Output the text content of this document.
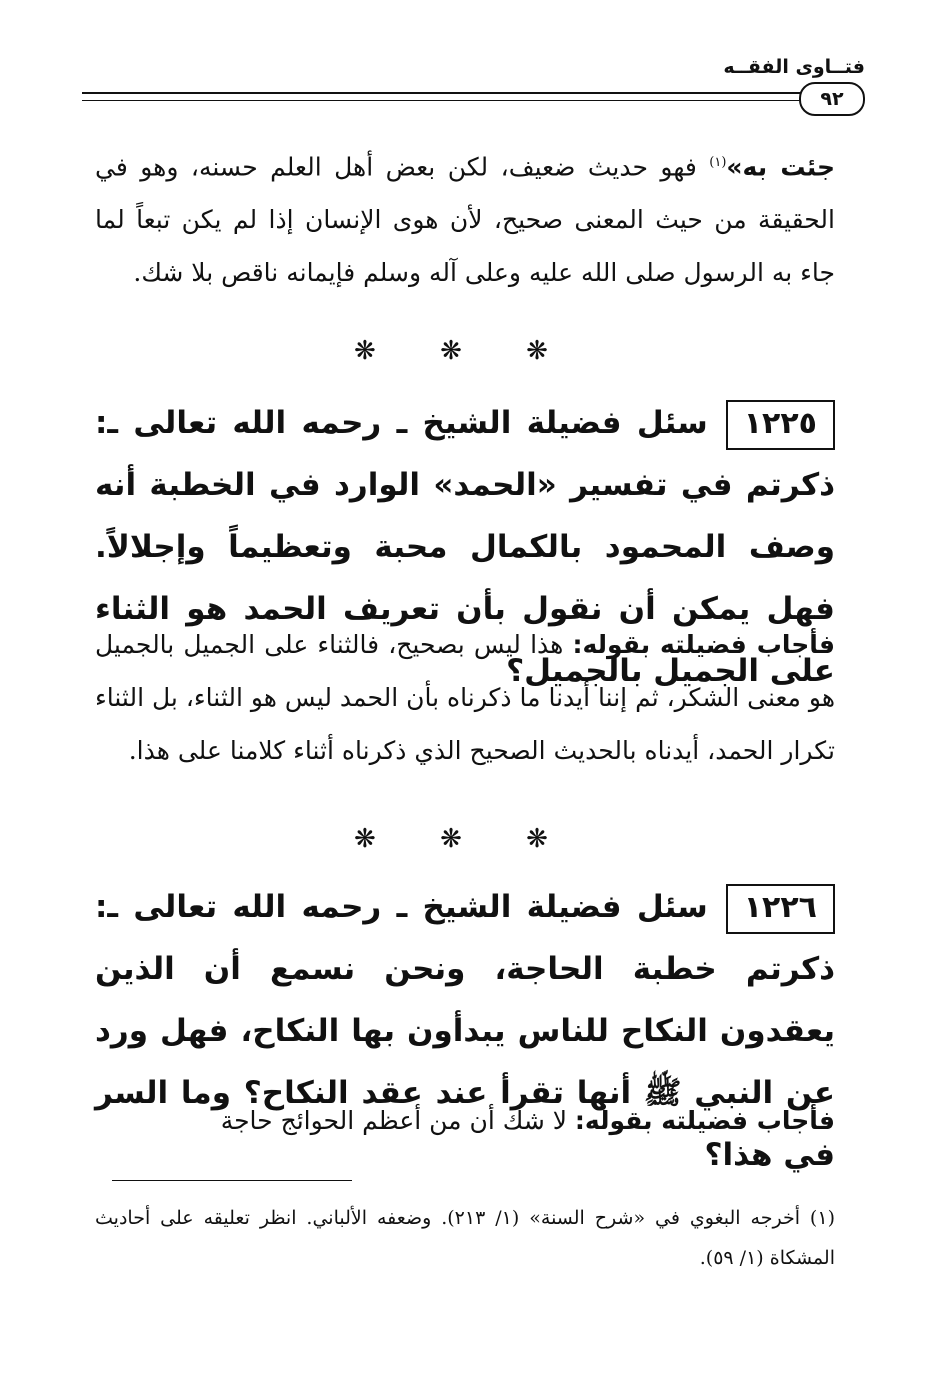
فتــاوى الفقــه
٩٢

جئت به»$^{(١)}$ فهو حديث ضعيف، لكن بعض أهل العلم حسنه، وهو في الحقيقة من حيث المعنى صحيح، لأن هوى الإنسان إذا لم يكن تبعاً لما جاء به الرسول صلى الله عليه وعلى آله وسلم فإيمانه ناقص بلا شك.

❋ ❋ ❋

١٢٢٥سئل فضيلة الشيخ ـ رحمه الله تعالى ـ: ذكرتم في تفسير «الحمد» الوارد في الخطبة أنه وصف المحمود بالكمال محبة وتعظيماً وإجلالاً. فهل يمكن أن نقول بأن تعريف الحمد هو الثناء على الجميل بالجميل؟

فأجاب فضيلته بقوله: هذا ليس بصحيح، فالثناء على الجميل بالجميل هو معنى الشكر، ثم إننا أيدنا ما ذكرناه بأن الحمد ليس هو الثناء، بل الثناء تكرار الحمد، أيدناه بالحديث الصحيح الذي ذكرناه أثناء كلامنا على هذا.

❋ ❋ ❋

١٢٢٦سئل فضيلة الشيخ ـ رحمه الله تعالى ـ: ذكرتم خطبة الحاجة، ونحن نسمع أن الذين يعقدون النكاح للناس يبدأون بها النكاح، فهل ورد عن النبي ﷺ أنها تقرأ عند عقد النكاح؟ وما السر في هذا؟

فأجاب فضيلته بقوله: لا شك أن من أعظم الحوائج حاجة

(١) أخرجه البغوي في «شرح السنة» (١/ ٢١٣). وضعفه الألباني. انظر تعليقه على أحاديث المشكاة (١/ ٥٩).
